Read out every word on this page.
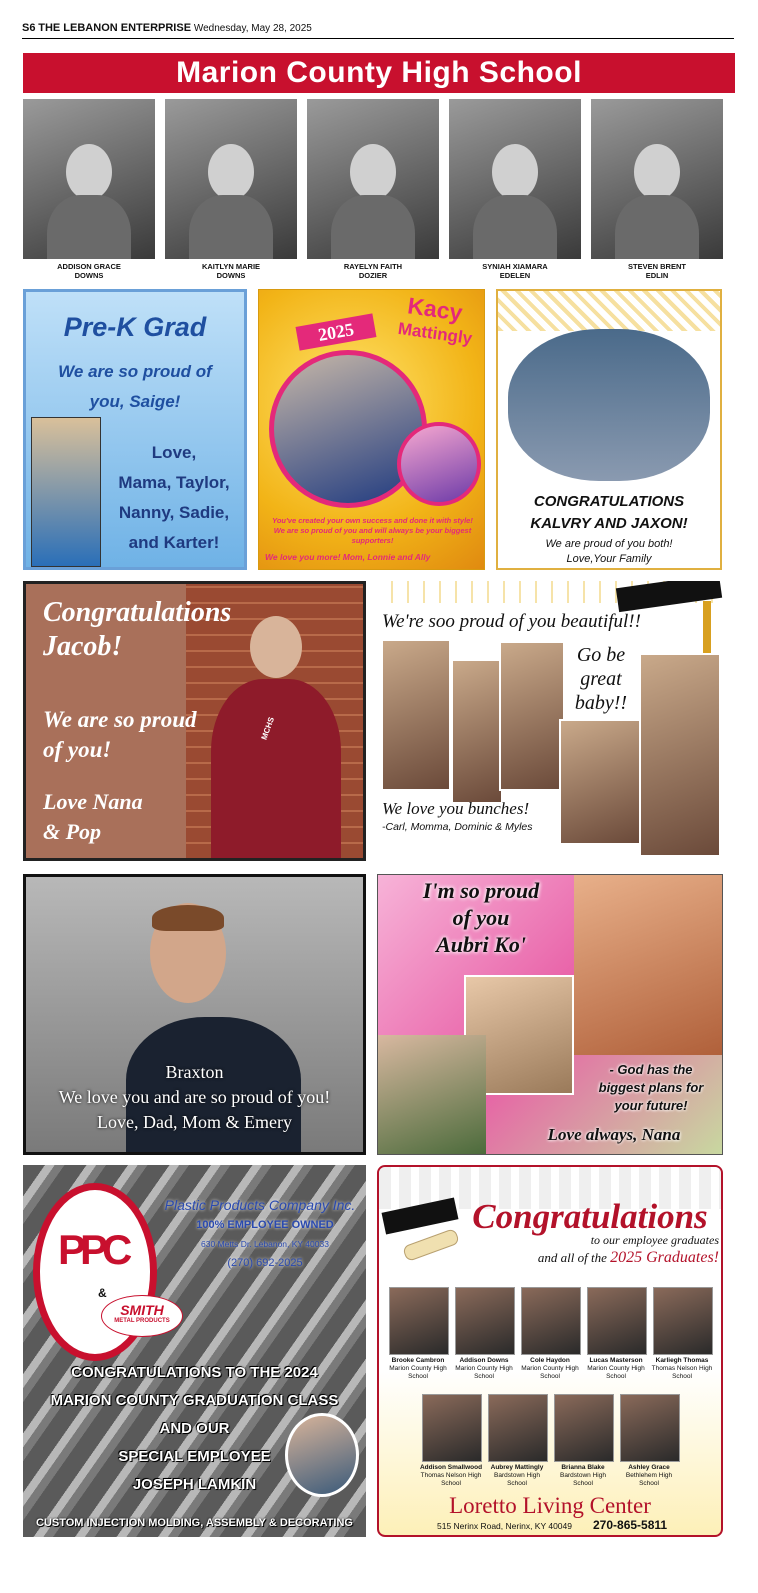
S6 THE LEBANON ENTERPRISE Wednesday, May 28, 2025
Marion County High School
ADDISON GRACE
DOWNS
KAITLYN MARIE
DOWNS
RAYELYN FAITH
DOZIER
SYNIAH XIAMARA
EDELEN
STEVEN BRENT
EDLIN
Pre-K Grad
We are so proud of
you, Saige!
Love,
Mama, Taylor,
Nanny, Sadie,
and Karter!
2025
Kacy
Mattingly
You've created your own success and done it with style! We are so proud of you and will always be your biggest supporters!
We love you more! Mom, Lonnie and Ally
CONGRATULATIONS
KALVRY AND JAXON!
We are proud of you both!
Love,Your Family
MCHS
Congratulations
Jacob!
We are so proud
of you!
Love Nana
& Pop
We're soo proud of you beautiful!!
Go be
great
baby!!
We love you bunches!
-Carl, Momma, Dominic & Myles
Braxton
We love you and are so proud of you!
Love, Dad, Mom & Emery
I'm so proud
of you
Aubri Ko'
- God has the
biggest plans for
your future!
Love always, Nana
Plastic Products Company Inc.
100% EMPLOYEE OWNED
630 Metts Dr. Lebanon, KY 40033
(270) 692-2025
PPC
&
SMITH
METAL PRODUCTS
CONGRATULATIONS TO THE 2024
MARION COUNTY GRADUATION CLASS
AND OUR
SPECIAL EMPLOYEE
JOSEPH LAMKIN
CUSTOM INJECTION MOLDING, ASSEMBLY & DECORATING
Congratulations
to our employee graduates
and all of the 2025 Graduates!
Brooke Cambron
Marion County High School
Addison Downs
Marion County High School
Cole Haydon
Marion County High School
Lucas Masterson
Marion County High School
Karliegh Thomas
Thomas Nelson High School
Addison Smallwood
Thomas Nelson High School
Aubrey Mattingly
Bardstown High School
Brianna Blake
Bardstown High School
Ashley Grace
Bethlehem High School
Loretto Living Center
515 Nerinx Road, Nerinx, KY 40049 270-865-5811
